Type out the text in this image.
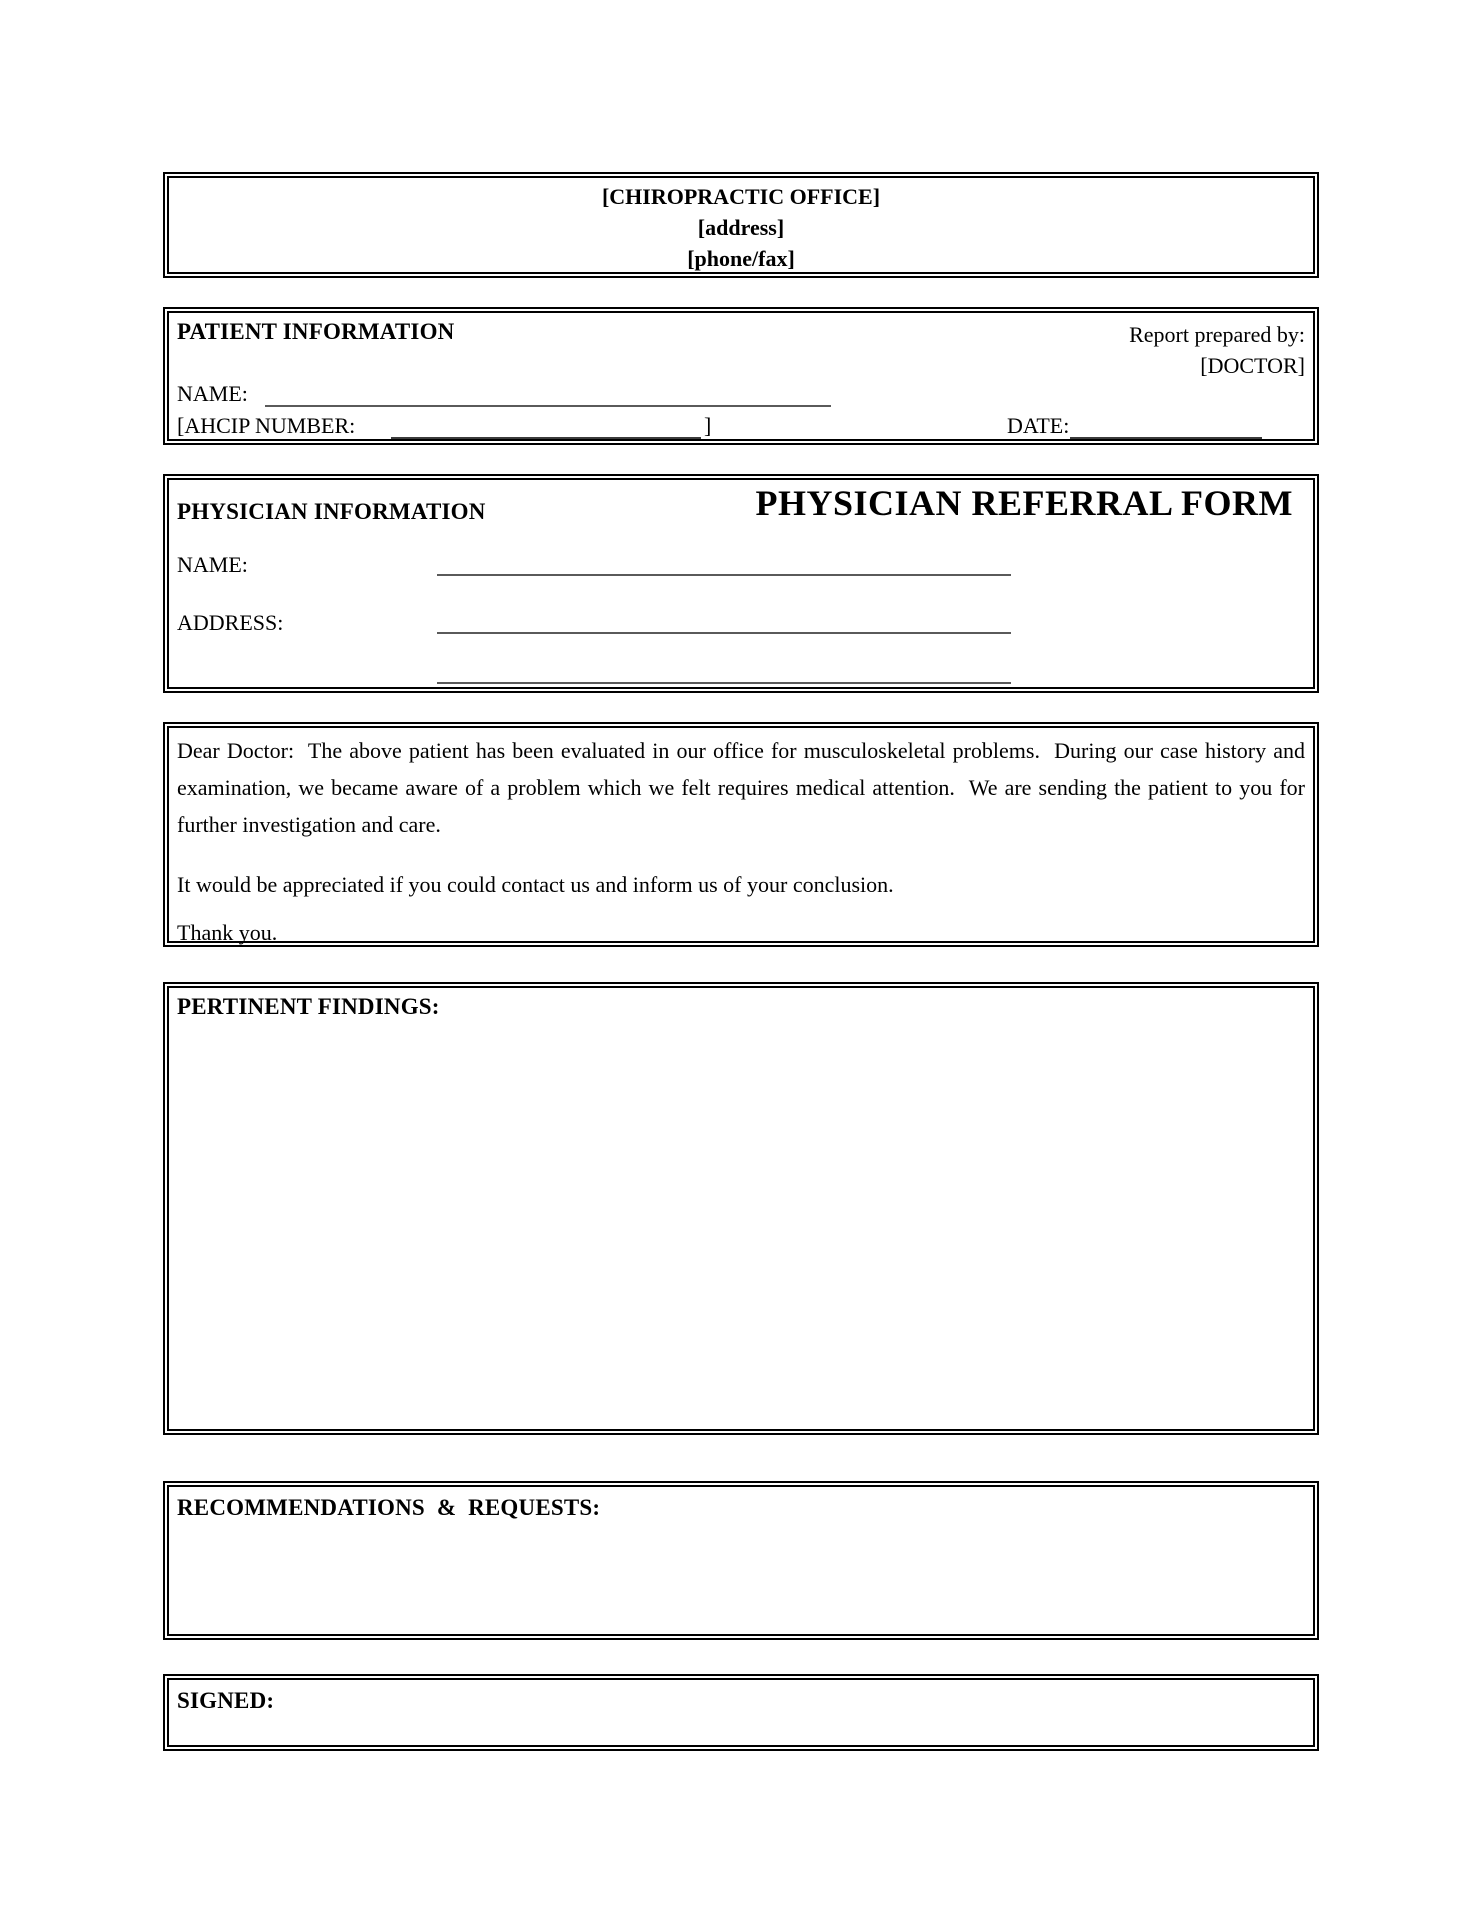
[CHIROPRACTIC OFFICE]
[address]
[phone/fax]
PATIENT INFORMATION	Report prepared by:
[DOCTOR]
NAME:
[AHCIP NUMBER:	]	DATE:
PHYSICIAN INFORMATION	PHYSICIAN REFERRAL FORM
NAME:
ADDRESS:
Dear Doctor:  The above patient has been evaluated in our office for musculoskeletal problems.  During our case history and examination, we became aware of a problem which we felt requires medical attention.  We are sending the patient to you for further investigation and care.
It would be appreciated if you could contact us and inform us of your conclusion.
Thank you.
PERTINENT FINDINGS:
RECOMMENDATIONS  &  REQUESTS:
SIGNED:
